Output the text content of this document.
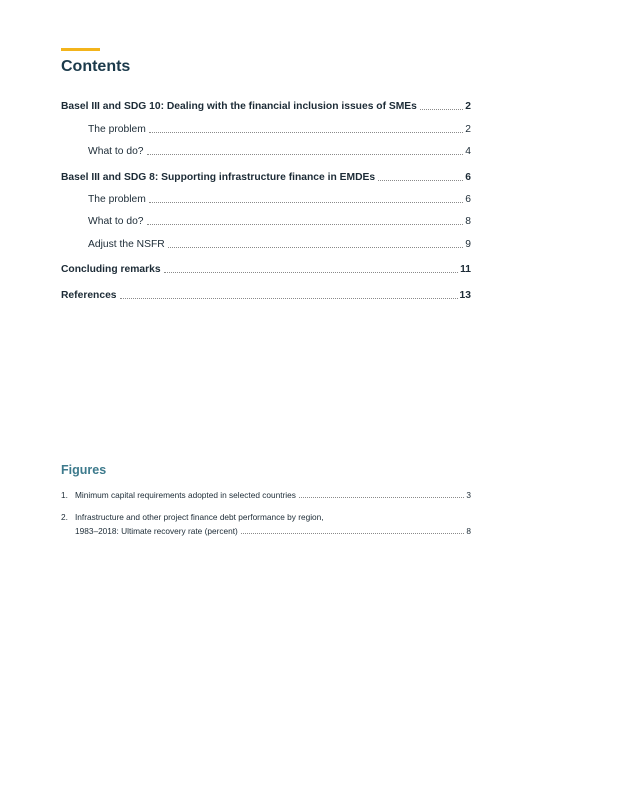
Contents
Basel III and SDG 10: Dealing with the financial inclusion issues of SMEs	2
The problem	2
What to do?	4
Basel III and SDG 8: Supporting infrastructure finance in EMDEs	6
The problem	6
What to do?	8
Adjust the NSFR	9
Concluding remarks	11
References	13
Figures
1. Minimum capital requirements adopted in selected countries	3
2. Infrastructure and other project finance debt performance by region,
1983–2018: Ultimate recovery rate (percent)	8
